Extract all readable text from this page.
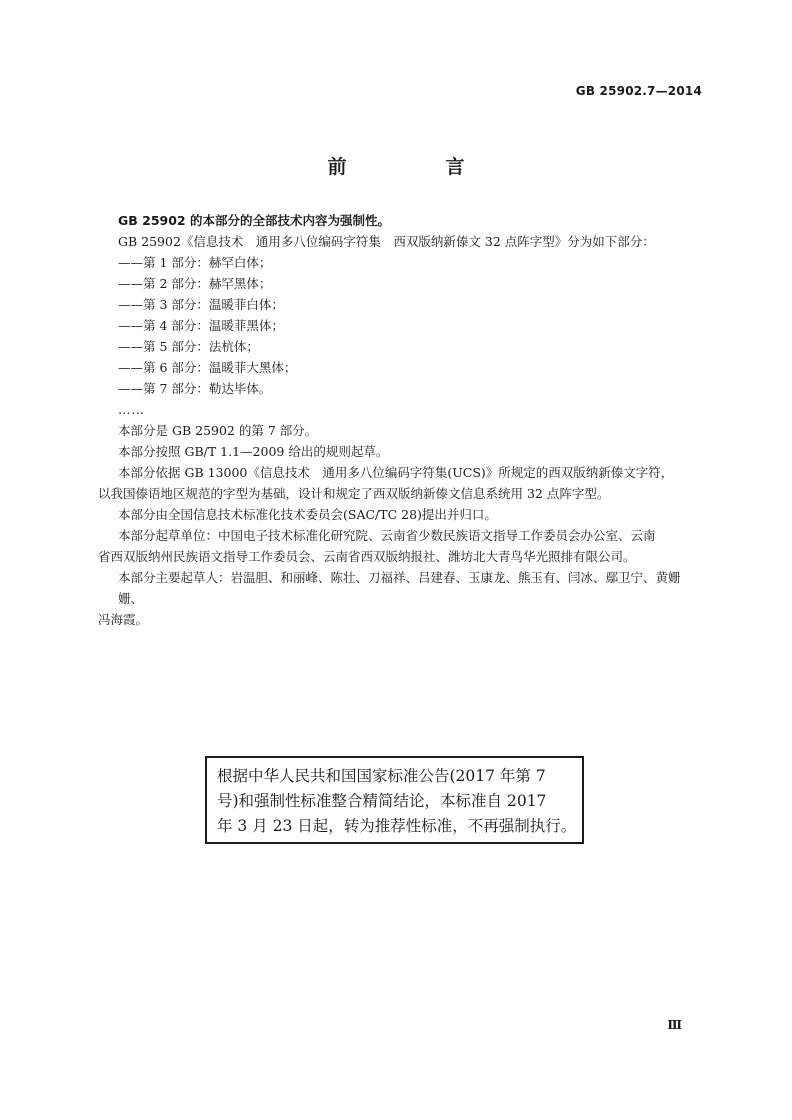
GB 25902.7—2014
前　言

GB 25902 的本部分的全部技术内容为强制性。

GB 25902《信息技术　通用多八位编码字符集　西双版纳新傣文 32 点阵字型》分为如下部分：

——第 1 部分：赫罕白体；

——第 2 部分：赫罕黑体；

——第 3 部分：温暖菲白体；

——第 4 部分：温暖菲黑体；

——第 5 部分：法杭体；

——第 6 部分：温暖菲大黑体；

——第 7 部分：勒达毕体。

……

本部分是 GB 25902 的第 7 部分。

本部分按照 GB/T 1.1—2009 给出的规则起草。

本部分依据 GB 13000《信息技术　通用多八位编码字符集(UCS)》所规定的西双版纳新傣文字符，

以我国傣语地区规范的字型为基础，设计和规定了西双版纳新傣文信息系统用 32 点阵字型。

本部分由全国信息技术标准化技术委员会(SAC/TC 28)提出并归口。

本部分起草单位：中国电子技术标准化研究院、云南省少数民族语文指导工作委员会办公室、云南

省西双版纳州民族语文指导工作委员会、云南省西双版纳报社、潍坊北大青鸟华光照排有限公司。

本部分主要起草人：岩温胆、和丽峰、陈壮、刀福祥、吕建春、玉康龙、熊玉有、闫冰、鄢卫宁、黄姗姗、

冯海霞。

根据中华人民共和国国家标准公告(2017 年第 7
号)和强制性标准整合精简结论，本标准自 2017
年 3 月 23 日起，转为推荐性标准，不再强制执行。
Ⅲ
